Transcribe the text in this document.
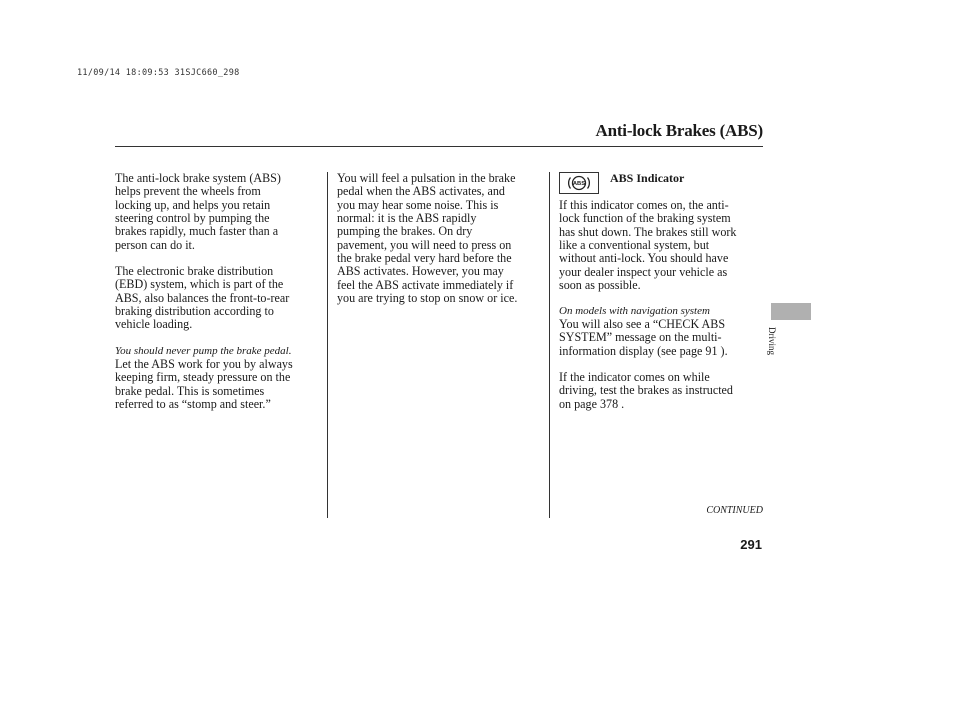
11/09/14 18:09:53 31SJC660_298
Anti-lock Brakes (ABS)
The anti-lock brake system (ABS)
helps prevent the wheels from
locking up, and helps you retain
steering control by pumping the
brakes rapidly, much faster than a
person can do it.
The electronic brake distribution
(EBD) system, which is part of the
ABS, also balances the front-to-rear
braking distribution according to
vehicle loading.
You should never pump the brake pedal.
Let the ABS work for you by always
keeping firm, steady pressure on the
brake pedal. This is sometimes
referred to as “stomp and steer.”
You will feel a pulsation in the brake
pedal when the ABS activates, and
you may hear some noise. This is
normal: it is the ABS rapidly
pumping the brakes. On dry
pavement, you will need to press on
the brake pedal very hard before the
ABS activates. However, you may
feel the ABS activate immediately if
you are trying to stop on snow or ice.
ABS ABS Indicator
If this indicator comes on, the anti-
lock function of the braking system
has shut down. The brakes still work
like a conventional system, but
without anti-lock. You should have
your dealer inspect your vehicle as
soon as possible.
On models with navigation system
You will also see a “CHECK ABS
SYSTEM” message on the multi-
information display (see page 91 ).
If the indicator comes on while
driving, test the brakes as instructed
on page 378 .
Driving
CONTINUED
291
